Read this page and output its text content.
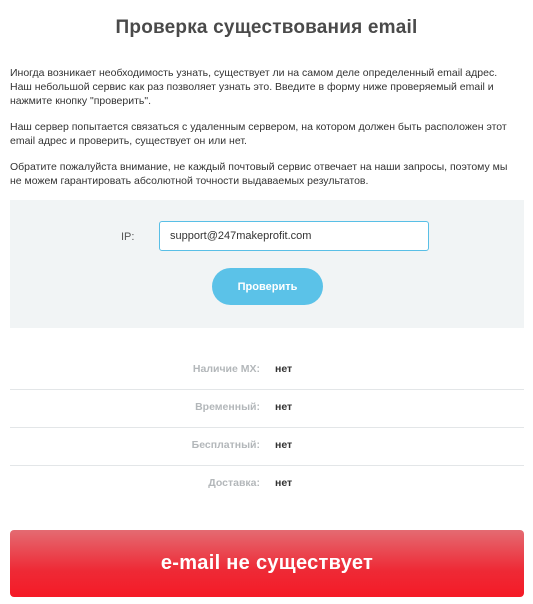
Проверка существования email

Иногда возникает необходимость узнать, существует ли на самом деле определенный email адрес. Наш небольшой сервис как раз позволяет узнать это. Введите в форму ниже проверяемый email и нажмите кнопку "проверить".

Наш сервер попытается связаться с удаленным сервером, на котором должен быть расположен этот email адрес и проверить, существует он или нет.

Обратите пожалуйста внимание, не каждый почтовый сервис отвечает на наши запросы, поэтому мы не можем гарантировать абсолютной точности выдаваемых результатов.

IP:
support@247makeprofit.com
Проверить
Наличие MX: нет
Временный: нет
Бесплатный: нет
Доставка: нет
e-mail не существует
